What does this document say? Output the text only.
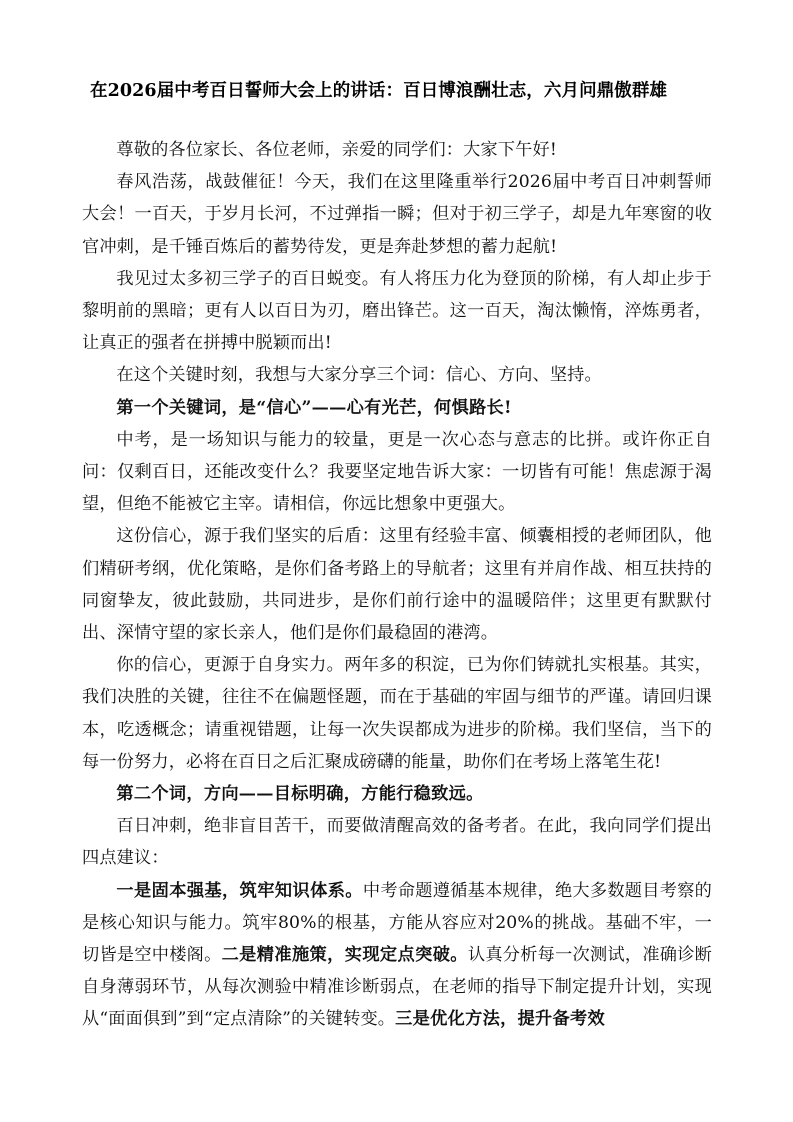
在2026届中考百日誓师大会上的讲话：百日博浪酬壮志，六月问鼎傲群雄

尊敬的各位家长、各位老师，亲爱的同学们：大家下午好!

春风浩荡，战鼓催征！今天，我们在这里隆重举行2026届中考百日冲刺誓师大会！一百天，于岁月长河，不过弹指一瞬；但对于初三学子，却是九年寒窗的收官冲刺，是千锤百炼后的蓄势待发，更是奔赴梦想的蓄力起航!

我见过太多初三学子的百日蜕变。有人将压力化为登顶的阶梯，有人却止步于黎明前的黑暗；更有人以百日为刃，磨出锋芒。这一百天，淘汰懒惰，淬炼勇者，让真正的强者在拼搏中脱颖而出!

在这个关键时刻，我想与大家分享三个词：信心、方向、坚持。

第一个关键词，是“信心”——心有光芒，何惧路长!

中考，是一场知识与能力的较量，更是一次心态与意志的比拼。或许你正自问：仅剩百日，还能改变什么？我要坚定地告诉大家：一切皆有可能！焦虑源于渴望，但绝不能被它主宰。请相信，你远比想象中更强大。

这份信心，源于我们坚实的后盾：这里有经验丰富、倾囊相授的老师团队，他们精研考纲，优化策略，是你们备考路上的导航者；这里有并肩作战、相互扶持的同窗挚友，彼此鼓励，共同进步，是你们前行途中的温暖陪伴；这里更有默默付出、深情守望的家长亲人，他们是你们最稳固的港湾。

你的信心，更源于自身实力。两年多的积淀，已为你们铸就扎实根基。其实，我们决胜的关键，往往不在偏题怪题，而在于基础的牢固与细节的严谨。请回归课本，吃透概念；请重视错题，让每一次失误都成为进步的阶梯。我们坚信，当下的每一份努力，必将在百日之后汇聚成磅礴的能量，助你们在考场上落笔生花!

第二个词，方向——目标明确，方能行稳致远。

百日冲刺，绝非盲目苦干，而要做清醒高效的备考者。在此，我向同学们提出四点建议：

一是固本强基，筑牢知识体系。中考命题遵循基本规律，绝大多数题目考察的是核心知识与能力。筑牢80%的根基，方能从容应对20%的挑战。基础不牢，一切皆是空中楼阁。二是精准施策，实现定点突破。认真分析每一次测试，准确诊断自身薄弱环节，从每次测验中精准诊断弱点，在老师的指导下制定提升计划，实现从“面面俱到”到“定点清除”的关键转变。三是优化方法，提升备考效
